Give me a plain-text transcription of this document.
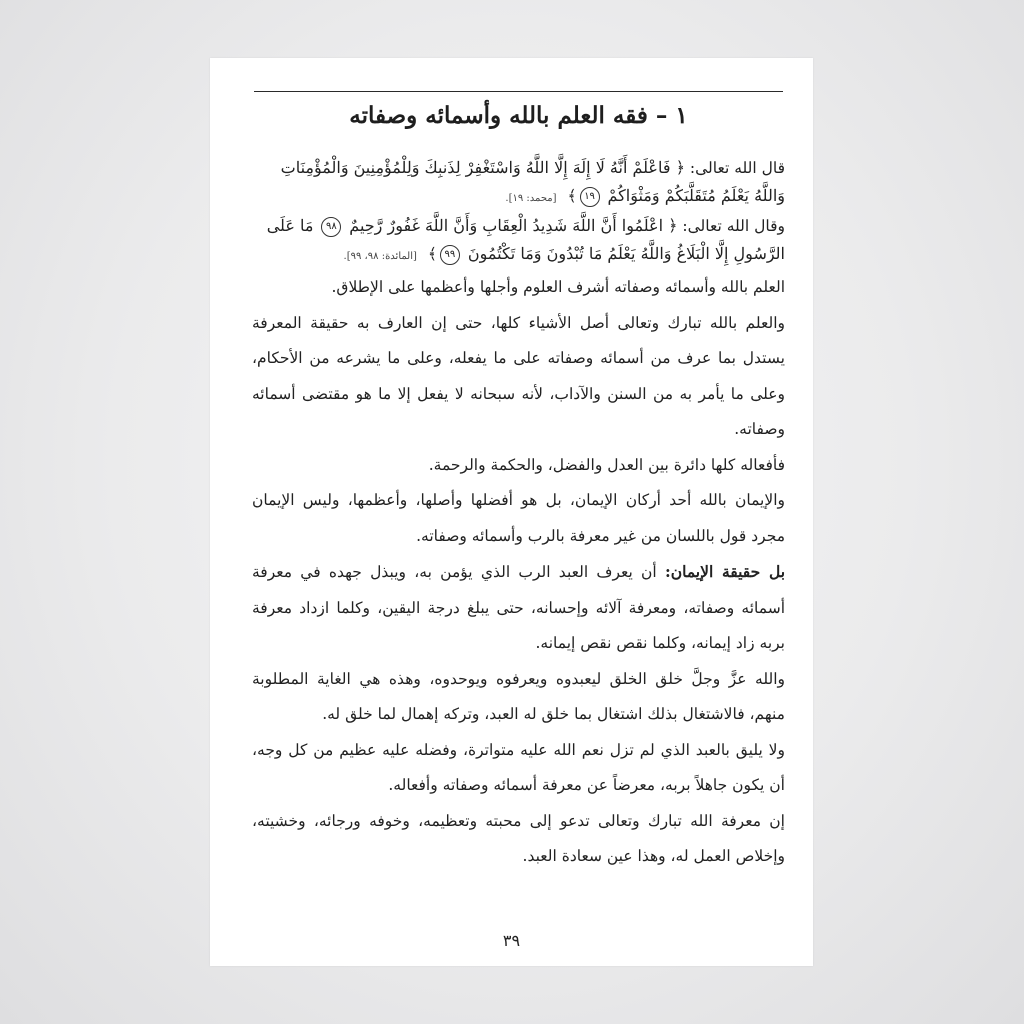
١ – فقه العلم بالله وأسمائه وصفاته

قال الله تعالى: ﴿ فَاعْلَمْ أَنَّهُ لَا إِلَهَ إِلَّا اللَّهُ وَاسْتَغْفِرْ لِذَنبِكَ وَلِلْمُؤْمِنِينَ وَالْمُؤْمِنَاتِ
وَاللَّهُ يَعْلَمُ مُتَقَلَّبَكُمْ وَمَثْوَاكُمْ ١٩﴾ [محمد: ١٩].

وقال الله تعالى: ﴿ اعْلَمُوا أَنَّ اللَّهَ شَدِيدُ الْعِقَابِ وَأَنَّ اللَّهَ غَفُورٌ رَّحِيمٌ ٩٨ مَا عَلَى
الرَّسُولِ إِلَّا الْبَلَاغُ وَاللَّهُ يَعْلَمُ مَا تُبْدُونَ وَمَا تَكْتُمُونَ ٩٩﴾ [المائدة: ٩٨، ٩٩].

العلم بالله وأسمائه وصفاته أشرف العلوم وأجلها وأعظمها على الإطلاق.

والعلم بالله تبارك وتعالى أصل الأشياء كلها، حتى إن العارف به حقيقة المعرفة يستدل بما عرف من أسمائه وصفاته على ما يفعله، وعلى ما يشرعه من الأحكام، وعلى ما يأمر به من السنن والآداب، لأنه سبحانه لا يفعل إلا ما هو مقتضى أسمائه وصفاته.

فأفعاله كلها دائرة بين العدل والفضل، والحكمة والرحمة.

والإيمان بالله أحد أركان الإيمان، بل هو أفضلها وأصلها، وأعظمها، وليس الإيمان مجرد قول باللسان من غير معرفة بالرب وأسمائه وصفاته.

بل حقيقة الإيمان: أن يعرف العبد الرب الذي يؤمن به، ويبذل جهده في معرفة أسمائه وصفاته، ومعرفة آلائه وإحسانه، حتى يبلغ درجة اليقين، وكلما ازداد معرفة بربه زاد إيمانه، وكلما نقص نقص إيمانه.

والله عزَّ وجلَّ خلق الخلق ليعبدوه ويعرفوه ويوحدوه، وهذه هي الغاية المطلوبة منهم، فالاشتغال بذلك اشتغال بما خلق له العبد، وتركه إهمال لما خلق له.

ولا يليق بالعبد الذي لم تزل نعم الله عليه متواترة، وفضله عليه عظيم من كل وجه، أن يكون جاهلاً بربه، معرضاً عن معرفة أسمائه وصفاته وأفعاله.

إن معرفة الله تبارك وتعالى تدعو إلى محبته وتعظيمه، وخوفه ورجائه، وخشيته، وإخلاص العمل له، وهذا عين سعادة العبد.

٣٩
